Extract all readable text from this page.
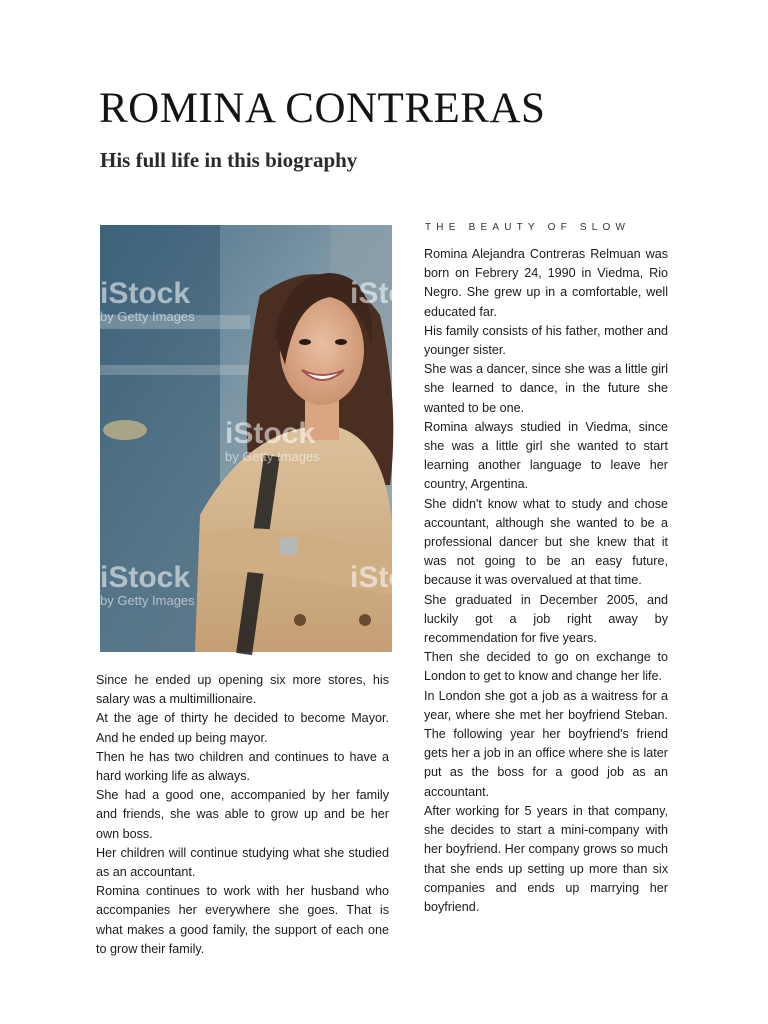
ROMINA CONTRERAS
His full life in this biography
iStock
by Getty Images
iStock
by Getty Images
iStock
by Getty Images
iStock
iStock

THE BEAUTY OF SLOW

Romina Alejandra Contreras Relmuan was born on Febrery 24, 1990 in Viedma, Rio Negro. She grew up in a comfortable, well educated far.

His family consists of his father, mother and younger sister.

She was a dancer, since she was a little girl she learned to dance, in the future she wanted to be one.

Romina always studied in Viedma, since she was a little girl she wanted to start learning another language to leave her country, Argentina.

She didn't know what to study and chose accountant, although she wanted to be a professional dancer but she knew that it was not going to be an easy future, because it was overvalued at that time.

She graduated in December 2005, and luckily got a job right away by recommendation for five years.

Then she decided to go on exchange to London to get to know and change her life.

In London she got a job as a waitress for a year, where she met her boyfriend Steban. The following year her boyfriend's friend gets her a job in an office where she is later put as the boss for a good job as an accountant.

After working for 5 years in that company, she decides to start a mini-company with her boyfriend. Her company grows so much that she ends up setting up more than six companies and ends up marrying her boyfriend.

Since he ended up opening six more stores, his salary was a multimillionaire.

At the age of thirty he decided to become Mayor. And he ended up being mayor.

Then he has two children and continues to have a hard working life as always.

She had a good one, accompanied by her family and friends, she was able to grow up and be her own boss.

Her children will continue studying what she studied as an accountant.

Romina continues to work with her husband who accompanies her everywhere she goes. That is what makes a good family, the support of each one to grow their family.
